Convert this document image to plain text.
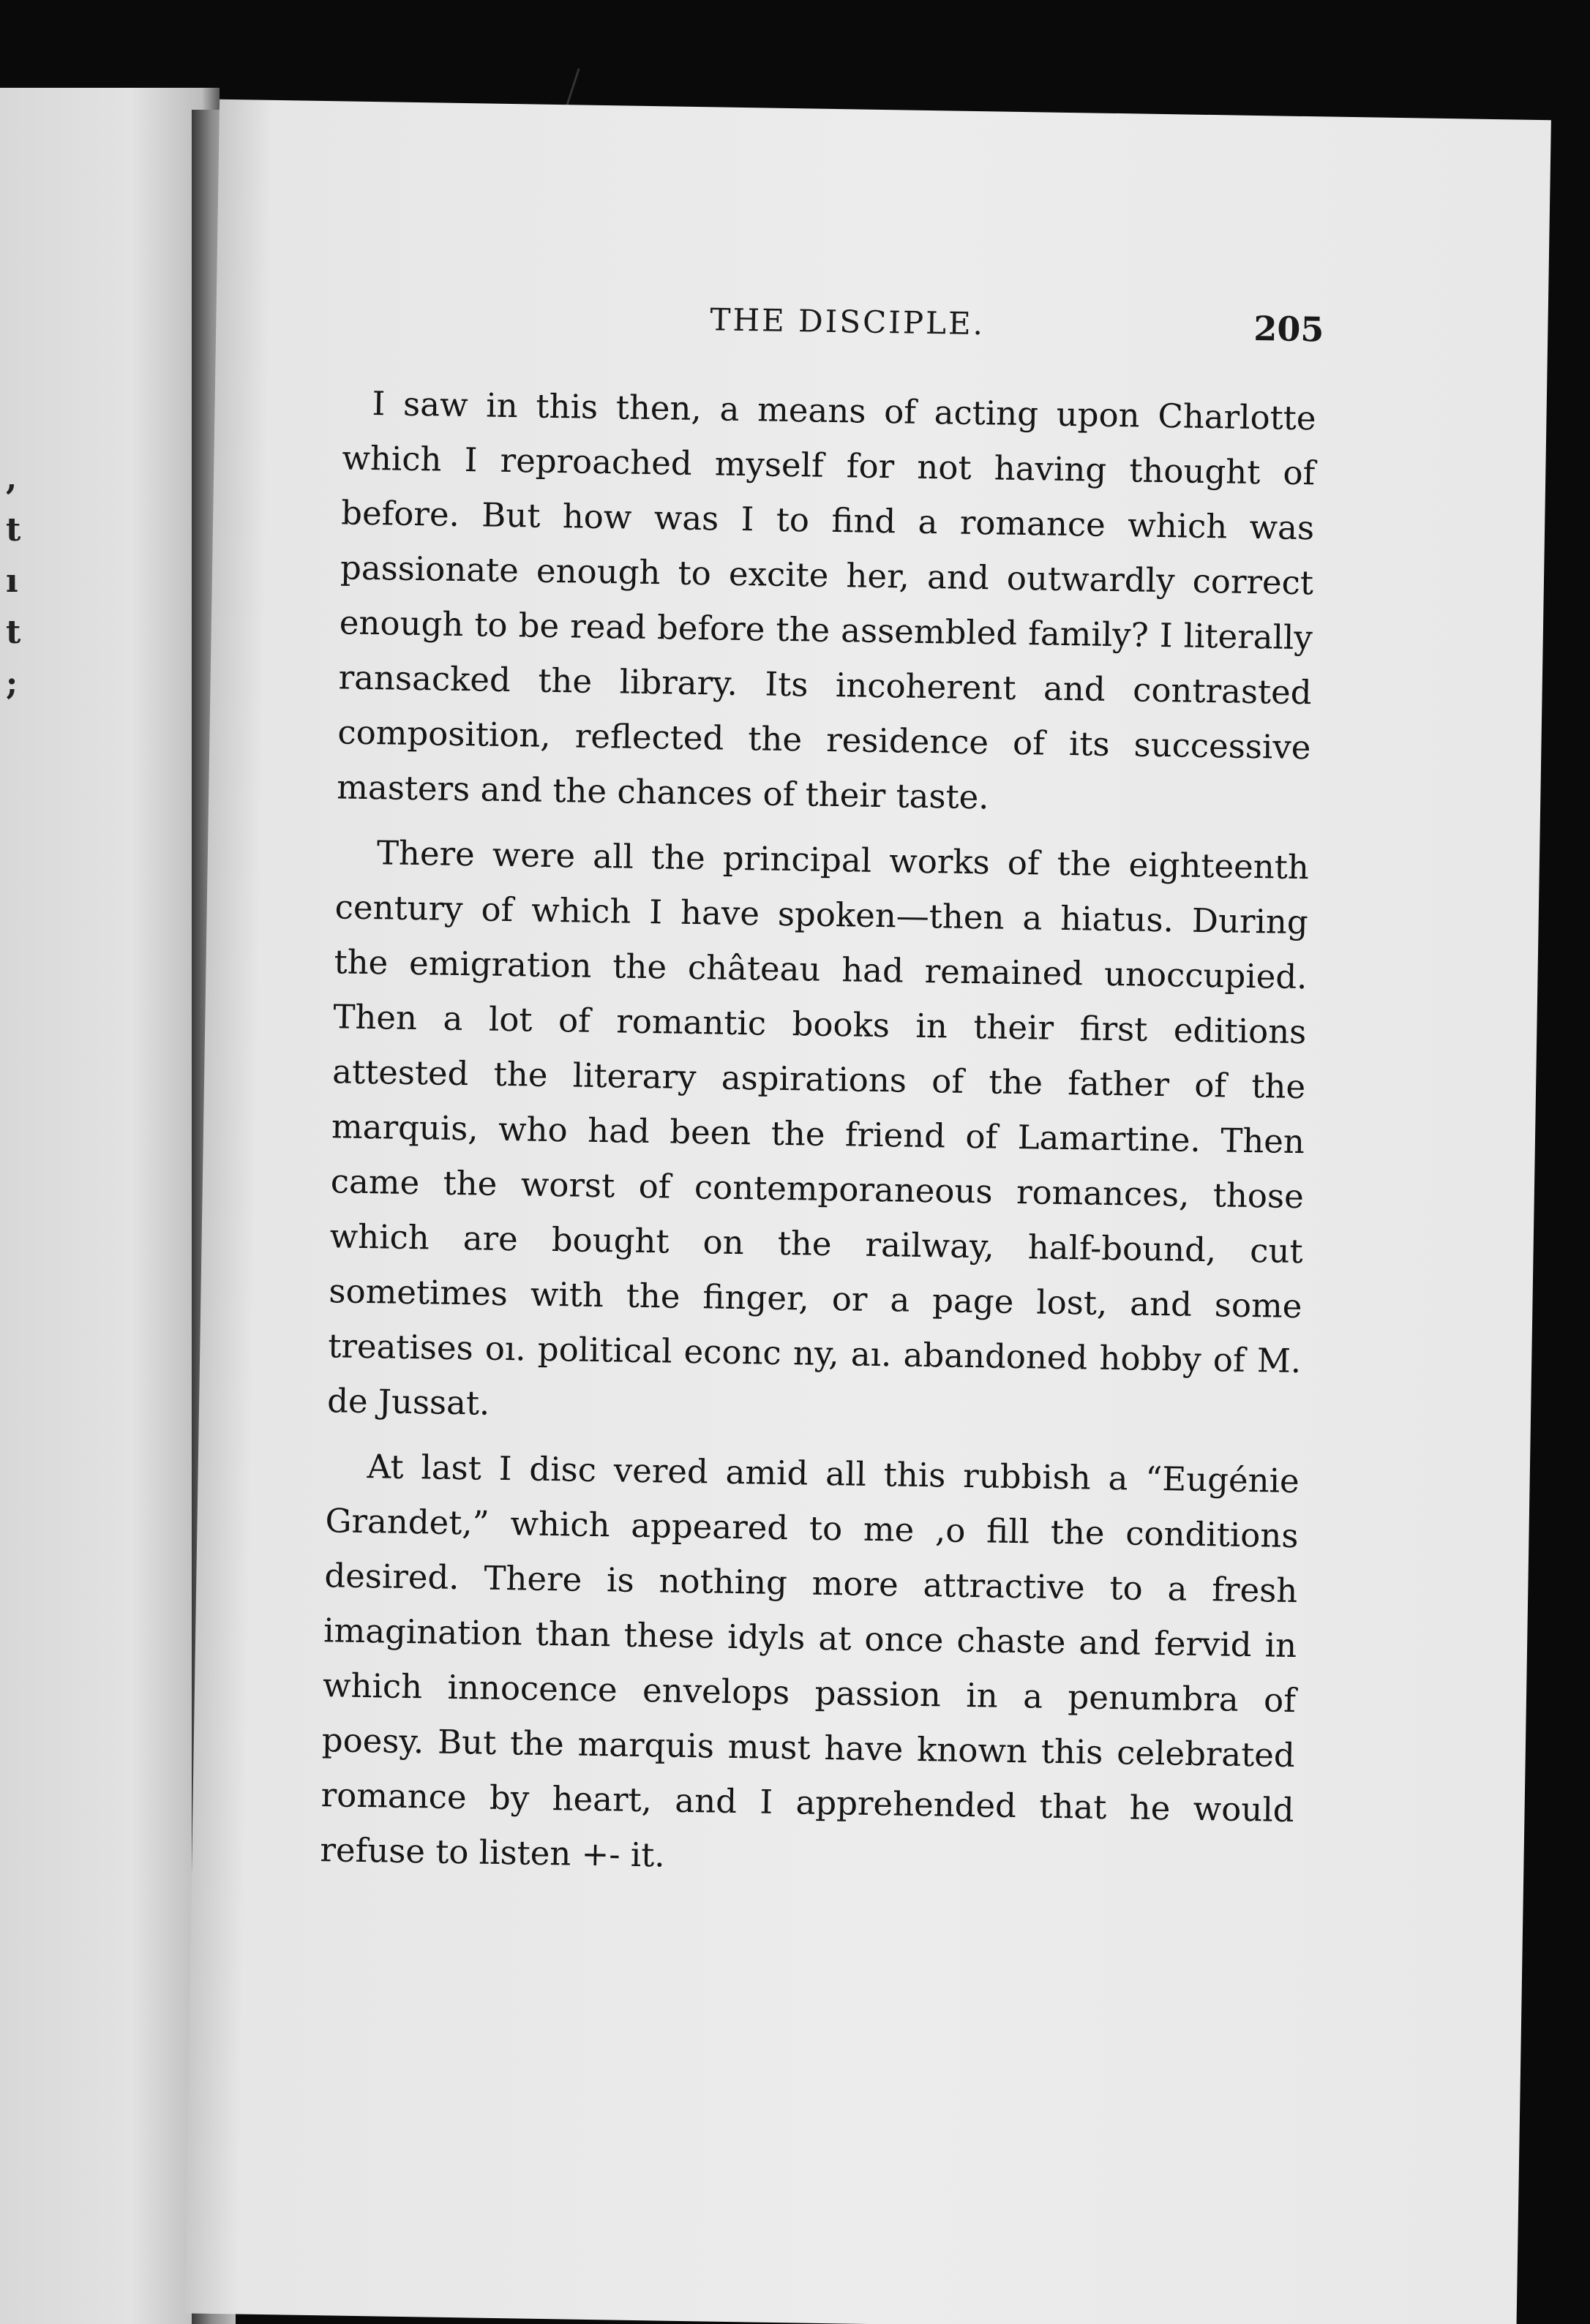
,
t
ı
t
;
THE DISCIPLE.	205

I saw in this then, a means of acting upon Charlotte which I reproached myself for not having thought of before. But how was I to find a romance which was passionate enough to excite her, and outwardly correct enough to be read before the assembled family? I literally ransacked the library. Its incoherent and contrasted composition, reflected the residence of its successive masters and the chances of their taste.

There were all the principal works of the eighteenth century of which I have spoken—then a hiatus. During the emigration the château had remained unoccupied. Then a lot of romantic books in their first editions attested the literary aspirations of the father of the marquis, who had been the friend of Lamartine. Then came the worst of contemporaneous romances, those which are bought on the railway, half-bound, cut sometimes with the finger, or a page lost, and some treatises oı. political econc ny, aı. abandoned hobby of M. de Jussat.

At last I disc vered amid all this rubbish a “Eugénie Grandet,” which appeared to me ,o fill the conditions desired. There is nothing more attractive to a fresh imagination than these idyls at once chaste and fervid in which innocence envelops passion in a penumbra of poesy. But the marquis must have known this celebrated romance by heart, and I apprehended that he would refuse to listen +- it.
